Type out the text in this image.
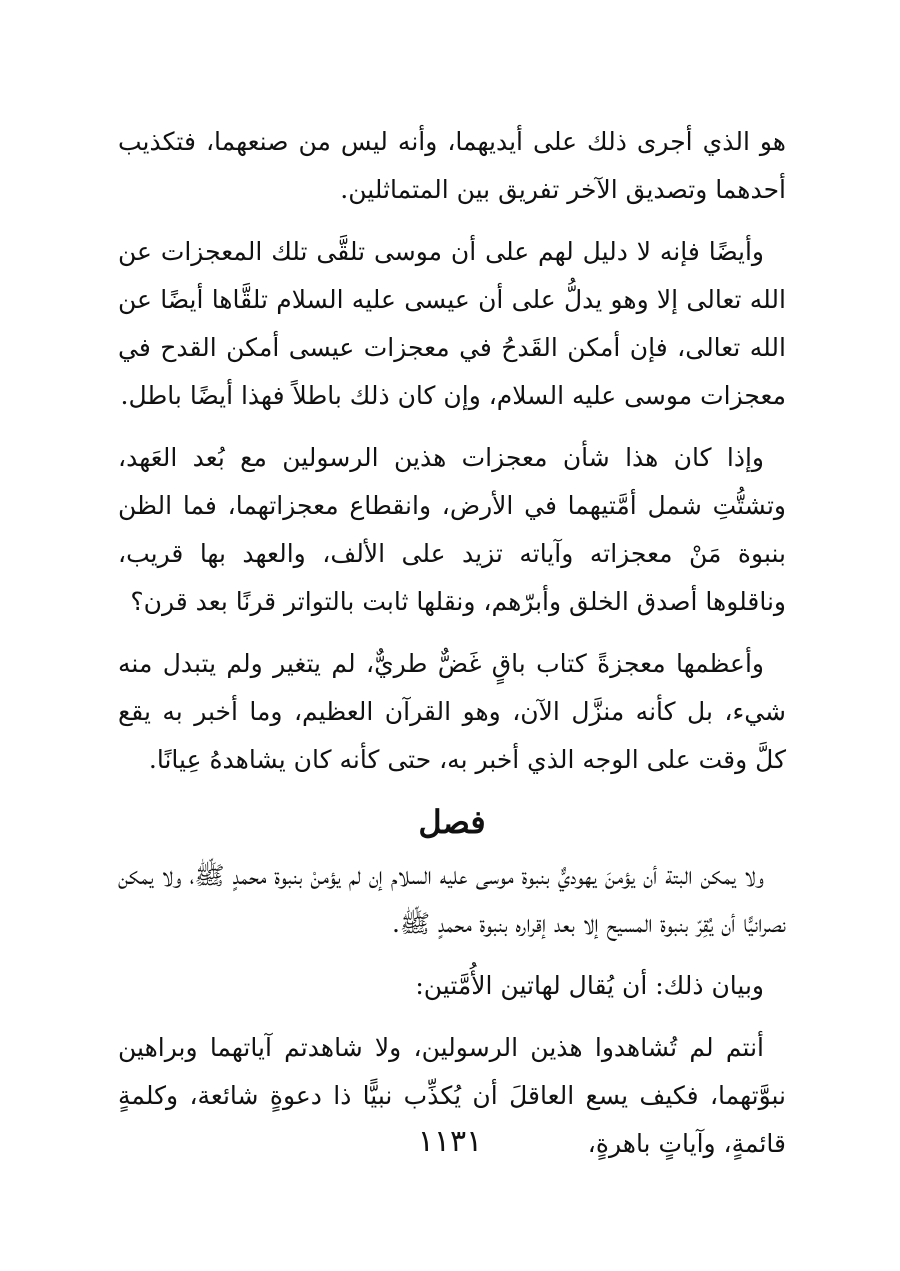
هو الذي أجرى ذلك على أيديهما، وأنه ليس من صنعهما، فتكذيب أحدهما وتصديق الآخر تفريق بين المتماثلين.

وأيضًا فإنه لا دليل لهم على أن موسى تلقَّى تلك المعجزات عن الله تعالى إلا وهو يدلُّ على أن عيسى عليه السلام تلقَّاها أيضًا عن الله تعالى، فإن أمكن القَدحُ في معجزات عيسى أمكن القدح في معجزات موسى عليه السلام، وإن كان ذلك باطلاً فهذا أيضًا باطل.

وإذا كان هذا شأن معجزات هذين الرسولين مع بُعد العَهد، وتشتُّتِ شمل أمَّتيهما في الأرض، وانقطاع معجزاتهما، فما الظن بنبوة مَنْ معجزاته وآياته تزيد على الألف، والعهد بها قريب، وناقلوها أصدق الخلق وأبرّهم، ونقلها ثابت بالتواتر قرنًا بعد قرن؟

وأعظمها معجزةً كتاب باقٍ غَضٌّ طريٌّ، لم يتغير ولم يتبدل منه شيء، بل كأنه منزَّل الآن، وهو القرآن العظيم، وما أخبر به يقع كلَّ وقت على الوجه الذي أخبر به، حتى كأنه كان يشاهدهُ عِيانًا.

فصل

ولا يمكن البتة أن يؤمنَ يهوديٌّ بنبوة موسى عليه السلام إن لم يؤمنْ بنبوة محمدٍ ﷺ، ولا يمكن نصرانيًّا أن يُقِرّ بنبوة المسيح إلا بعد إقراره بنبوة محمدٍ ﷺ.

وبيان ذلك: أن يُقال لهاتين الأُمَّتين:

أنتم لم تُشاهدوا هذين الرسولين، ولا شاهدتم آياتهما وبراهين نبوَّتهما، فكيف يسع العاقلَ أن يُكذِّب نبيًّا ذا دعوةٍ شائعة، وكلمةٍ قائمةٍ، وآياتٍ باهرةٍ،

١١٣١
